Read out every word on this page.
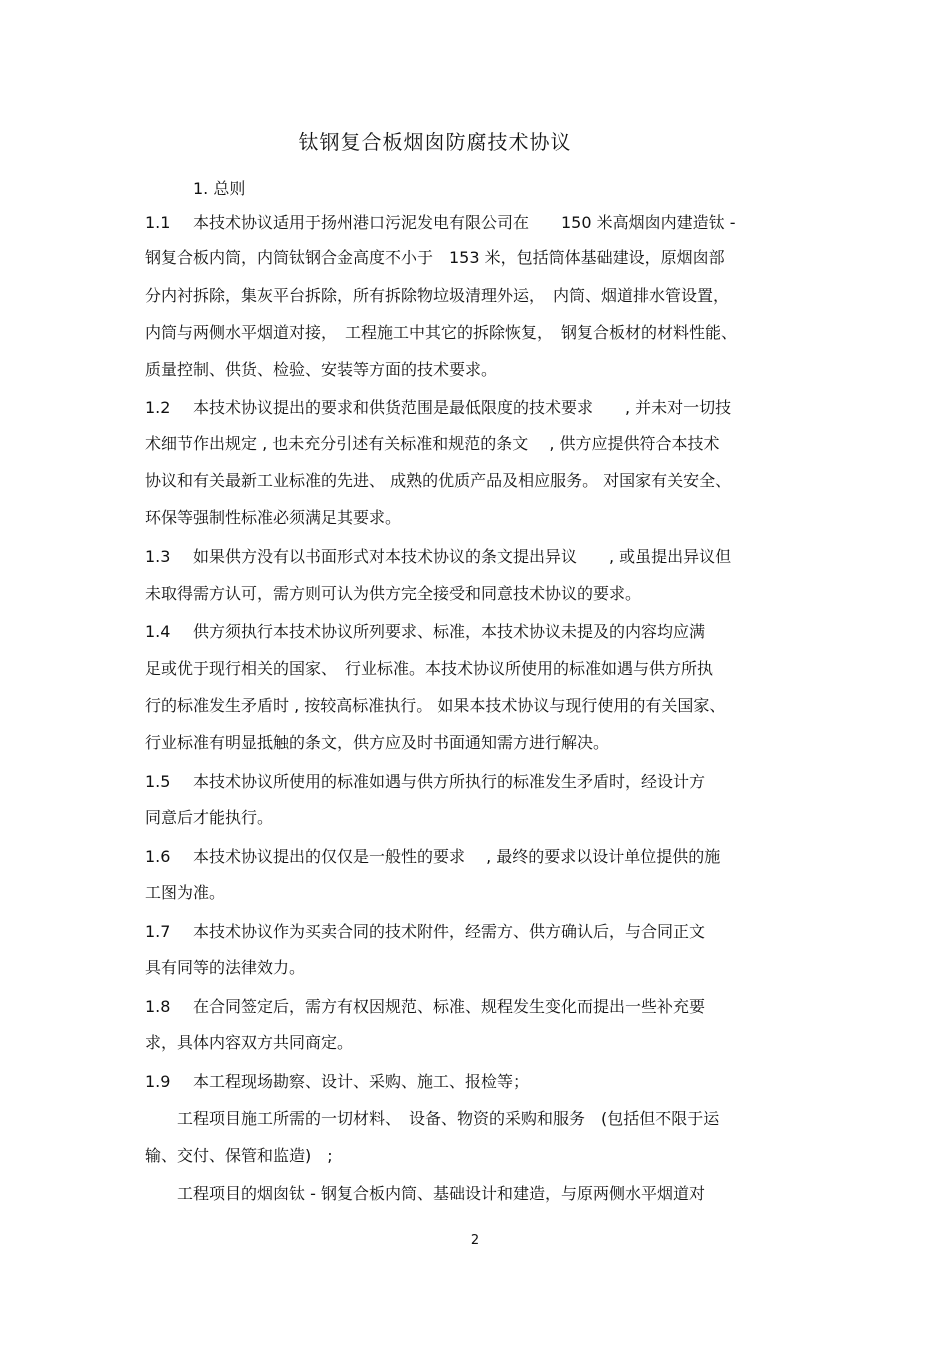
钛钢复合板烟囱防腐技术协议
1. 总则
1.1 本技术协议适用于扬州港口污泥发电有限公司在　　150 米高烟囱内建造钛 -
钢复合板内筒，内筒钛钢合金高度不小于　153 米，包括筒体基础建设，原烟囱部
分内衬拆除，集灰平台拆除，所有拆除物垃圾清理外运，　内筒、烟道排水管设置，
内筒与两侧水平烟道对接，　工程施工中其它的拆除恢复，　钢复合板材的材料性能、
质量控制、供货、检验、安装等方面的技术要求。
1.2 本技术协议提出的要求和供货范围是最低限度的技术要求　　, 并未对一切技
术细节作出规定 , 也未充分引述有关标准和规范的条文　 , 供方应提供符合本技术
协议和有关最新工业标准的先进、 成熟的优质产品及相应服务。 对国家有关安全、
环保等强制性标准必须满足其要求。
1.3 如果供方没有以书面形式对本技术协议的条文提出异议　　, 或虽提出异议但
未取得需方认可，需方则可认为供方完全接受和同意技术协议的要求。
1.4 供方须执行本技术协议所列要求、标准，本技术协议未提及的内容均应满
足或优于现行相关的国家、　行业标准。本技术协议所使用的标准如遇与供方所执
行的标准发生矛盾时 , 按较高标准执行。 如果本技术协议与现行使用的有关国家、
行业标准有明显抵触的条文，供方应及时书面通知需方进行解决。
1.5 本技术协议所使用的标准如遇与供方所执行的标准发生矛盾时，经设计方
同意后才能执行。
1.6 本技术协议提出的仅仅是一般性的要求　 , 最终的要求以设计单位提供的施
工图为准。
1.7 本技术协议作为买卖合同的技术附件，经需方、供方确认后，与合同正文
具有同等的法律效力。
1.8 在合同签定后，需方有权因规范、标准、规程发生变化而提出一些补充要
求，具体内容双方共同商定。
1.9 本工程现场勘察、设计、采购、施工、报检等；
　　工程项目施工所需的一切材料、　设备、物资的采购和服务　(包括但不限于运
输、交付、保管和监造)　;
　　工程项目的烟囱钛 - 钢复合板内筒、基础设计和建造，与原两侧水平烟道对
2
